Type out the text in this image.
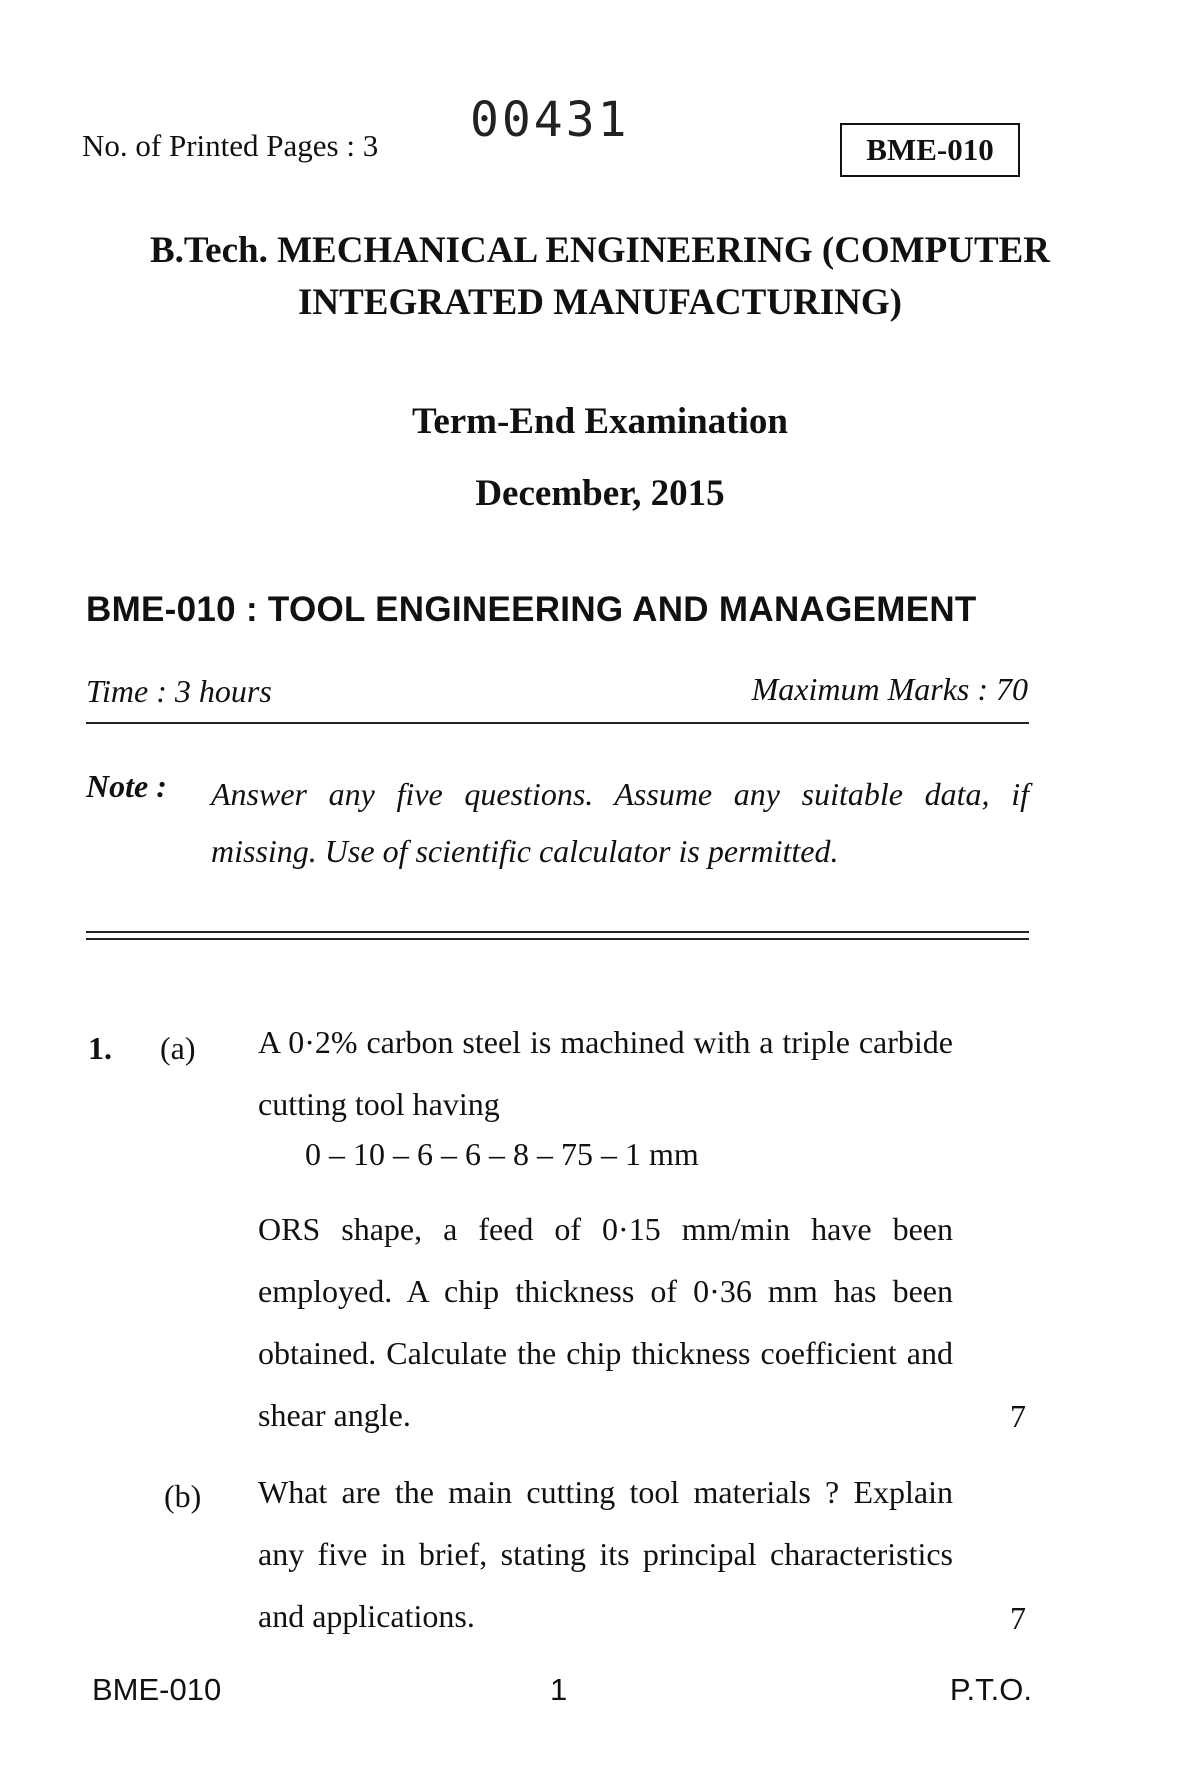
No. of Printed Pages : 3 00431
BME-010
B.Tech. MECHANICAL ENGINEERING (COMPUTER INTEGRATED MANUFACTURING)
Term-End Examination
December, 2015
BME-010 : TOOL ENGINEERING AND MANAGEMENT
Time : 3 hours	Maximum Marks : 70
Note : Answer any five questions. Assume any suitable data, if missing. Use of scientific calculator is permitted.
1. (a) A 0·2% carbon steel is machined with a triple carbide cutting tool having
0 – 10 – 6 – 6 – 8 – 75 – 1 mm
ORS shape, a feed of 0·15 mm/min have been employed. A chip thickness of 0·36 mm has been obtained. Calculate the chip thickness coefficient and shear angle.	7
(b) What are the main cutting tool materials ? Explain any five in brief, stating its principal characteristics and applications.	7
BME-010	1	P.T.O.
